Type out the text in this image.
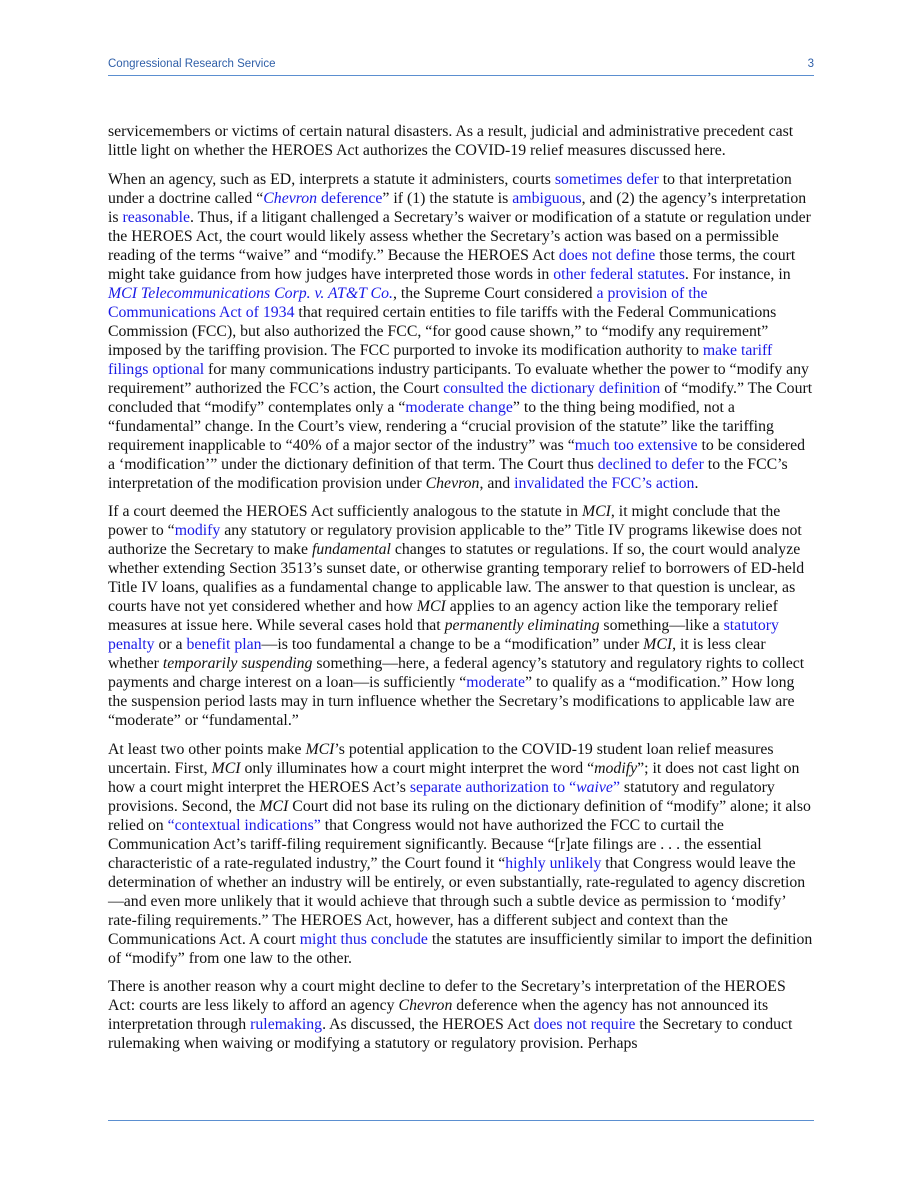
Congressional Research Service	3

servicemembers or victims of certain natural disasters. As a result, judicial and administrative precedent cast little light on whether the HEROES Act authorizes the COVID-19 relief measures discussed here.

When an agency, such as ED, interprets a statute it administers, courts sometimes defer to that interpretation under a doctrine called “Chevron deference” if (1) the statute is ambiguous, and (2) the agency’s interpretation is reasonable. Thus, if a litigant challenged a Secretary’s waiver or modification of a statute or regulation under the HEROES Act, the court would likely assess whether the Secretary’s action was based on a permissible reading of the terms “waive” and “modify.” Because the HEROES Act does not define those terms, the court might take guidance from how judges have interpreted those words in other federal statutes. For instance, in MCI Telecommunications Corp. v. AT&T Co., the Supreme Court considered a provision of the Communications Act of 1934 that required certain entities to file tariffs with the Federal Communications Commission (FCC), but also authorized the FCC, “for good cause shown,” to “modify any requirement” imposed by the tariffing provision. The FCC purported to invoke its modification authority to make tariff filings optional for many communications industry participants. To evaluate whether the power to “modify any requirement” authorized the FCC’s action, the Court consulted the dictionary definition of “modify.” The Court concluded that “modify” contemplates only a “moderate change” to the thing being modified, not a “fundamental” change. In the Court’s view, rendering a “crucial provision of the statute” like the tariffing requirement inapplicable to “40% of a major sector of the industry” was “much too extensive to be considered a ‘modification’” under the dictionary definition of that term. The Court thus declined to defer to the FCC’s interpretation of the modification provision under Chevron, and invalidated the FCC’s action.

If a court deemed the HEROES Act sufficiently analogous to the statute in MCI, it might conclude that the power to “modify any statutory or regulatory provision applicable to the” Title IV programs likewise does not authorize the Secretary to make fundamental changes to statutes or regulations. If so, the court would analyze whether extending Section 3513’s sunset date, or otherwise granting temporary relief to borrowers of ED-held Title IV loans, qualifies as a fundamental change to applicable law. The answer to that question is unclear, as courts have not yet considered whether and how MCI applies to an agency action like the temporary relief measures at issue here. While several cases hold that permanently eliminating something—like a statutory penalty or a benefit plan—is too fundamental a change to be a “modification” under MCI, it is less clear whether temporarily suspending something—here, a federal agency’s statutory and regulatory rights to collect payments and charge interest on a loan—is sufficiently “moderate” to qualify as a “modification.” How long the suspension period lasts may in turn influence whether the Secretary’s modifications to applicable law are “moderate” or “fundamental.”

At least two other points make MCI’s potential application to the COVID-19 student loan relief measures uncertain. First, MCI only illuminates how a court might interpret the word “modify”; it does not cast light on how a court might interpret the HEROES Act’s separate authorization to “waive” statutory and regulatory provisions. Second, the MCI Court did not base its ruling on the dictionary definition of “modify” alone; it also relied on “contextual indications” that Congress would not have authorized the FCC to curtail the Communication Act’s tariff-filing requirement significantly. Because “[r]ate filings are . . . the essential characteristic of a rate-regulated industry,” the Court found it “highly unlikely that Congress would leave the determination of whether an industry will be entirely, or even substantially, rate-regulated to agency discretion—and even more unlikely that it would achieve that through such a subtle device as permission to ‘modify’ rate-filing requirements.” The HEROES Act, however, has a different subject and context than the Communications Act. A court might thus conclude the statutes are insufficiently similar to import the definition of “modify” from one law to the other.

There is another reason why a court might decline to defer to the Secretary’s interpretation of the HEROES Act: courts are less likely to afford an agency Chevron deference when the agency has not announced its interpretation through rulemaking. As discussed, the HEROES Act does not require the Secretary to conduct rulemaking when waiving or modifying a statutory or regulatory provision. Perhaps
